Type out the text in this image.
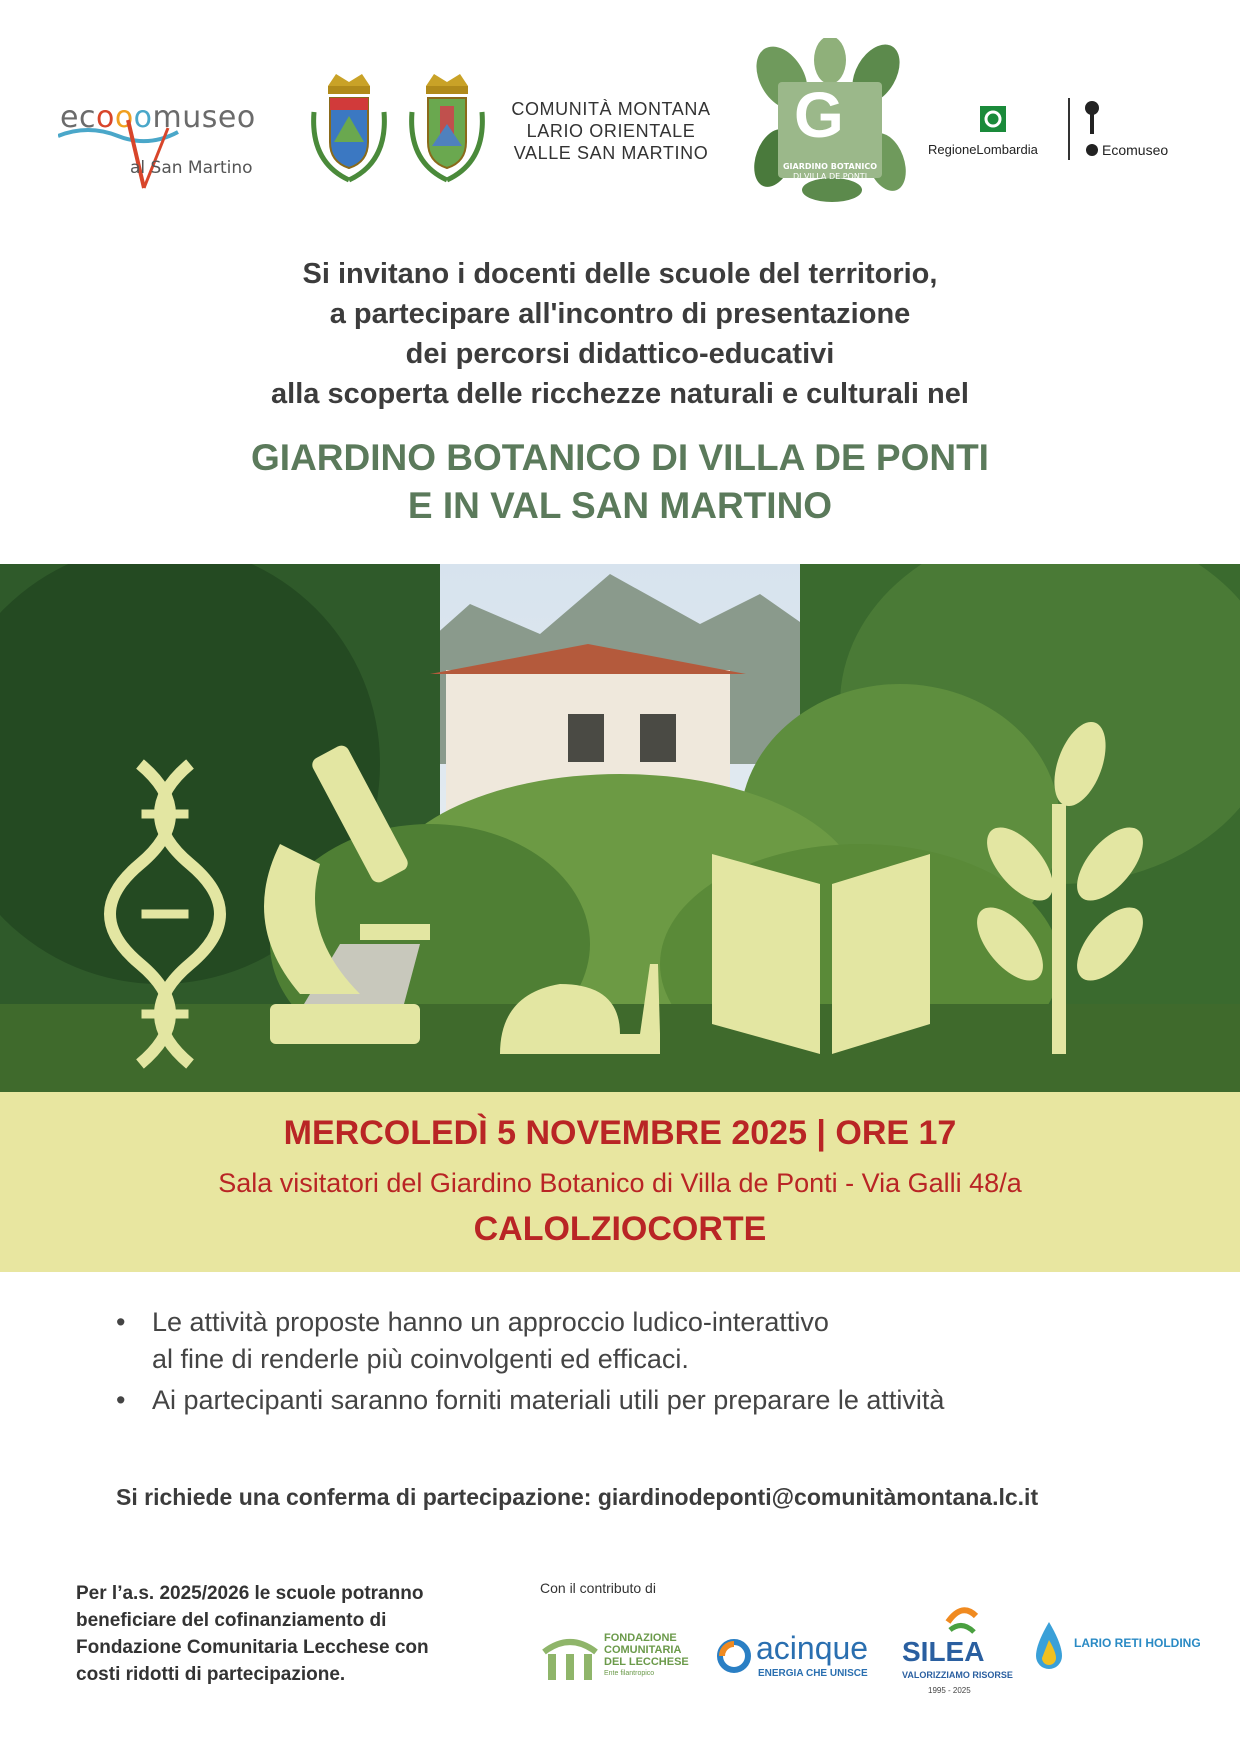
ecooomuseo
al San Martino
COMUNITÀ MONTANA
LARIO ORIENTALE
VALLE SAN MARTINO
G
GIARDINO BOTANICO
DI VILLA DE PONTI
RegioneLombardia	Ecomuseo
Si invitano i docenti delle scuole del territorio,
a partecipare all'incontro di presentazione
dei percorsi didattico-educativi
alla scoperta delle ricchezze naturali e culturali nel
GIARDINO BOTANICO DI VILLA DE PONTI
E IN VAL SAN MARTINO
MERCOLEDÌ 5 NOVEMBRE 2025 | ORE 17
Sala visitatori del Giardino Botanico di Villa de Ponti - Via Galli 48/a
CALOLZIOCORTE
• Le attività proposte hanno un approccio ludico-interattivo
al fine di renderle più coinvolgenti ed efficaci.
• Ai partecipanti saranno forniti materiali utili per preparare le attività
Si richiede una conferma di partecipazione: giardinodeponti@comunitàmontana.lc.it
Per l’a.s. 2025/2026 le scuole potranno
beneficiare del cofinanziamento di
Fondazione Comunitaria Lecchese con
costi ridotti di partecipazione.
Con il contributo di
FONDAZIONE
COMUNITARIA
DEL LECCHESE
Ente filantropico
acinque
ENERGIA CHE UNISCE
SILEA
VALORIZZIAMO RISORSE
1995 - 2025
LARIO RETI HOLDING
